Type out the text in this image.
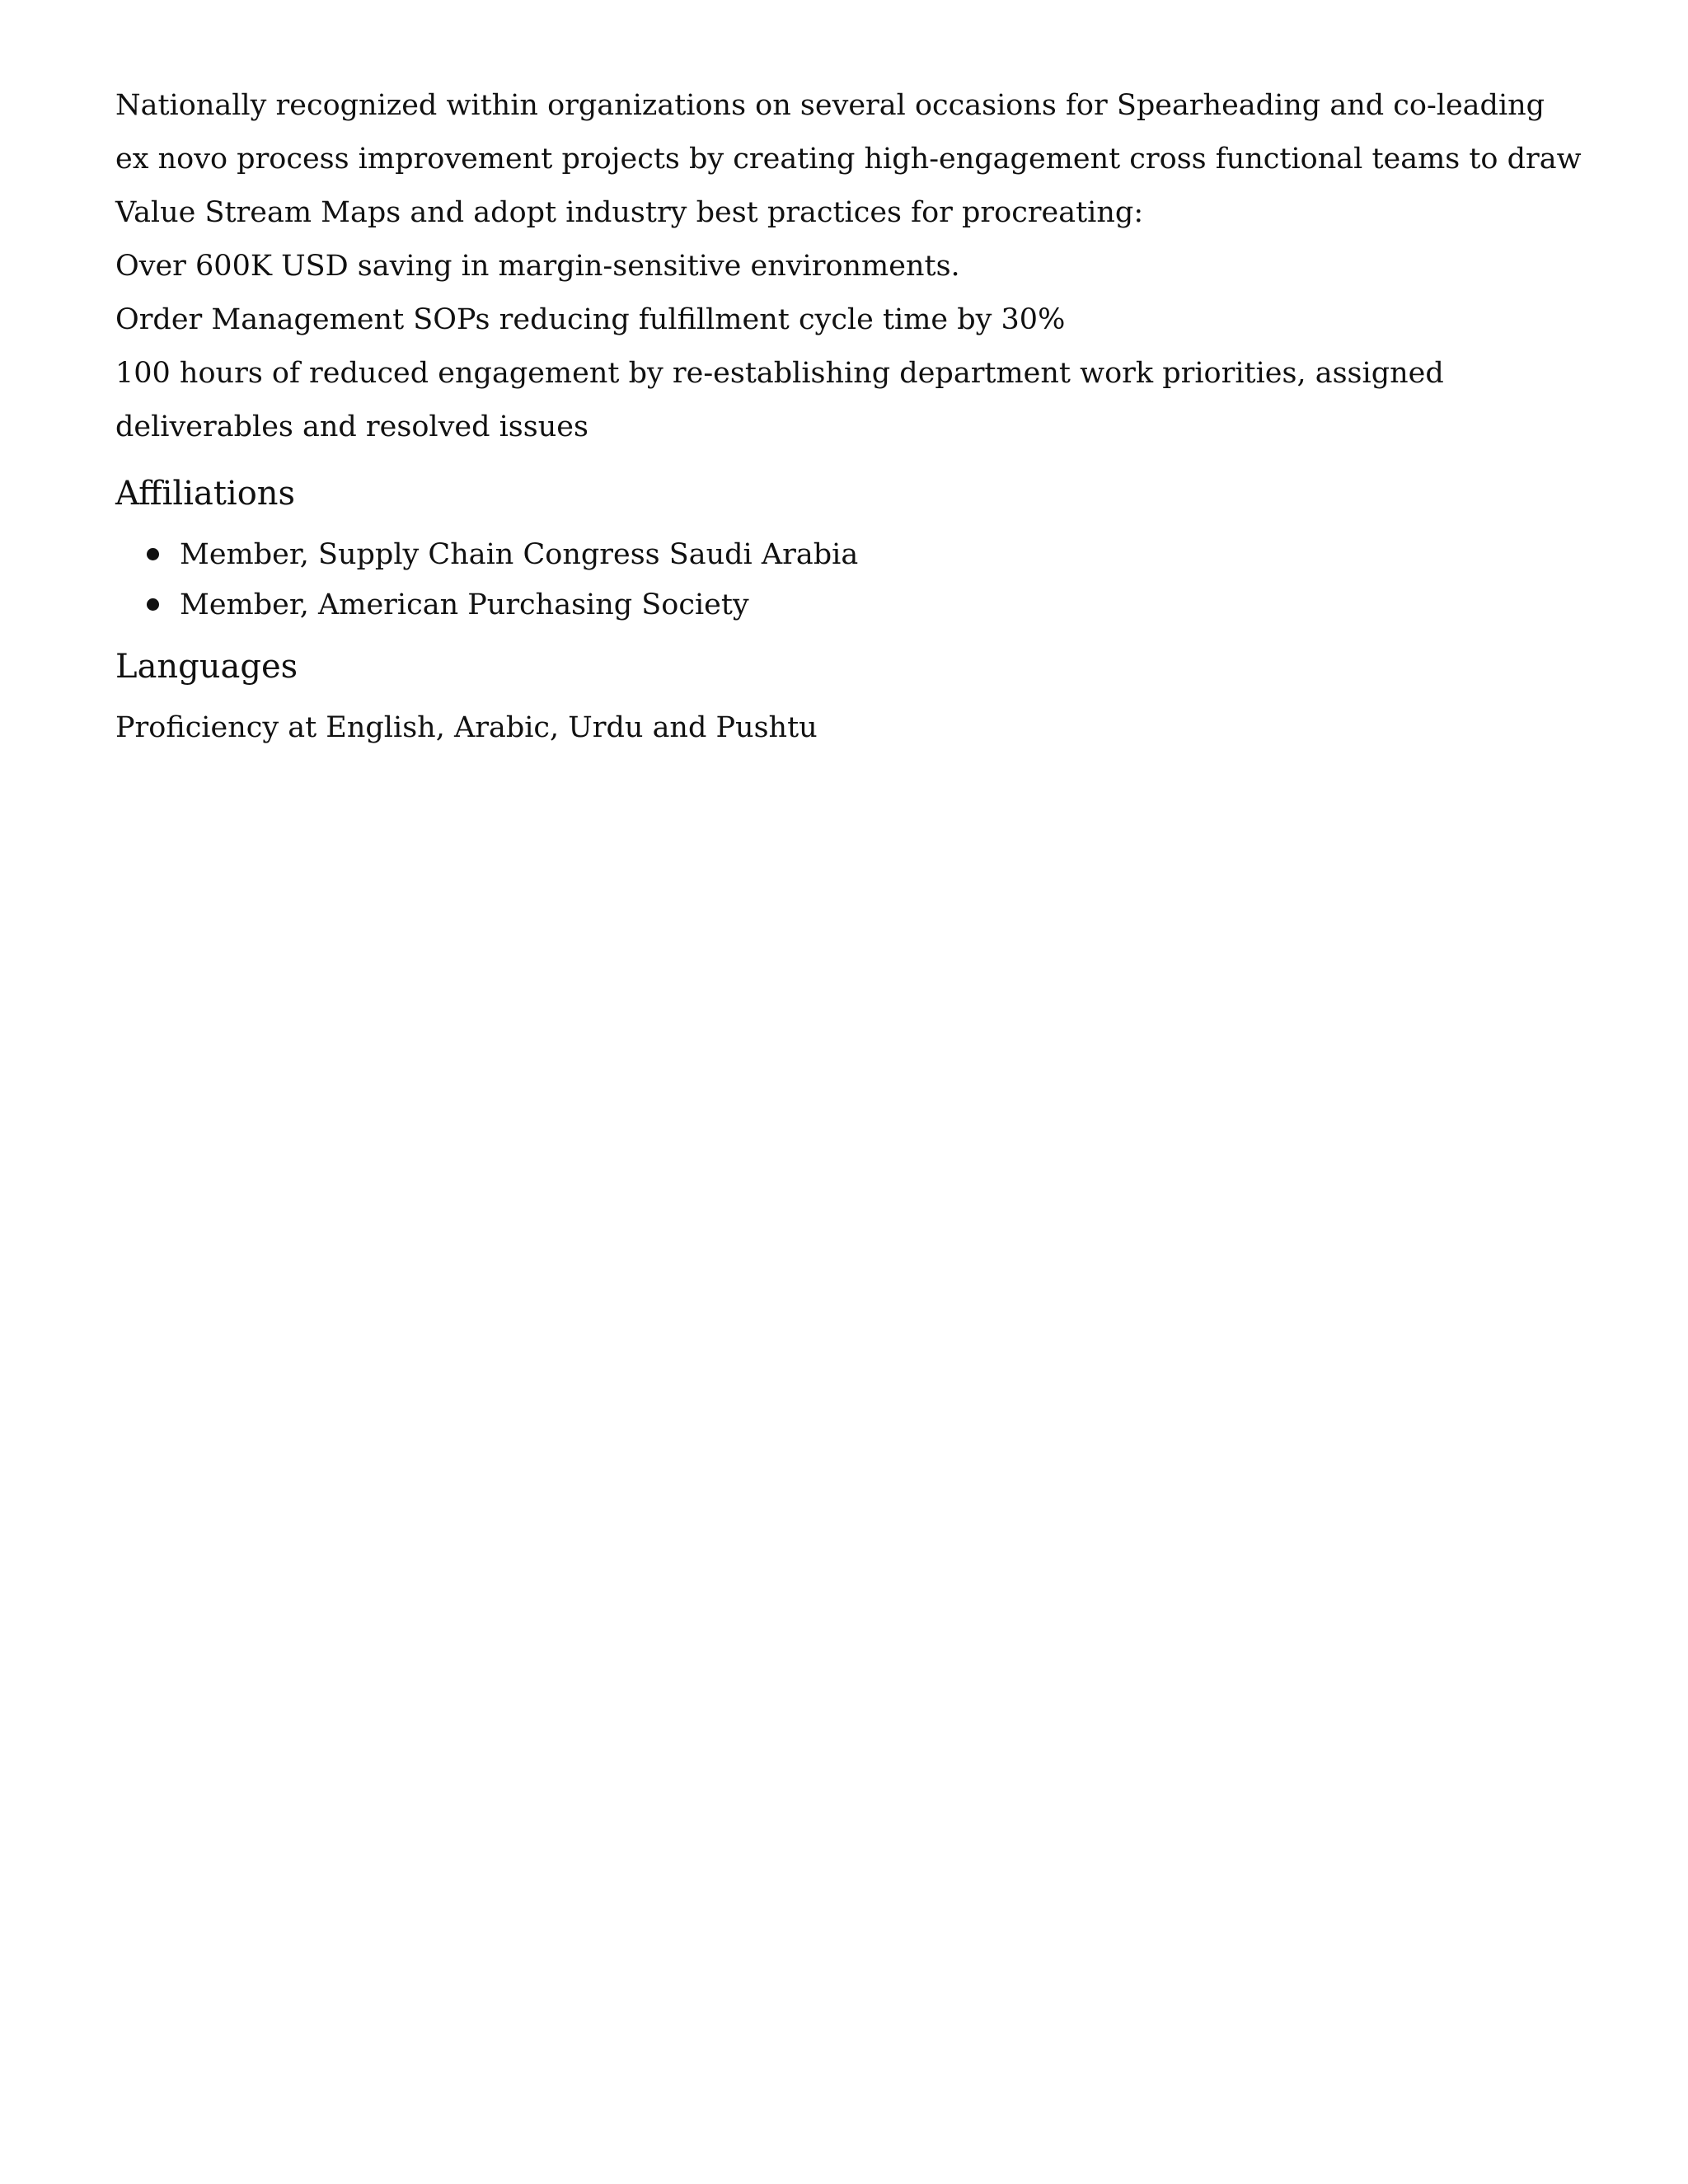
Nationally recognized within organizations on several occasions for Spearheading and co-leading
ex novo process improvement projects by creating high-engagement cross functional teams to draw
Value Stream Maps and adopt industry best practices for procreating:
Over 600K USD saving in margin-sensitive environments.
Order Management SOPs reducing fulfillment cycle time by 30%
100 hours of reduced engagement by re-establishing department work priorities, assigned
deliverables and resolved issues
Affiliations
Member, Supply Chain Congress Saudi Arabia
Member, American Purchasing Society
Languages

Proficiency at English, Arabic, Urdu and Pushtu
